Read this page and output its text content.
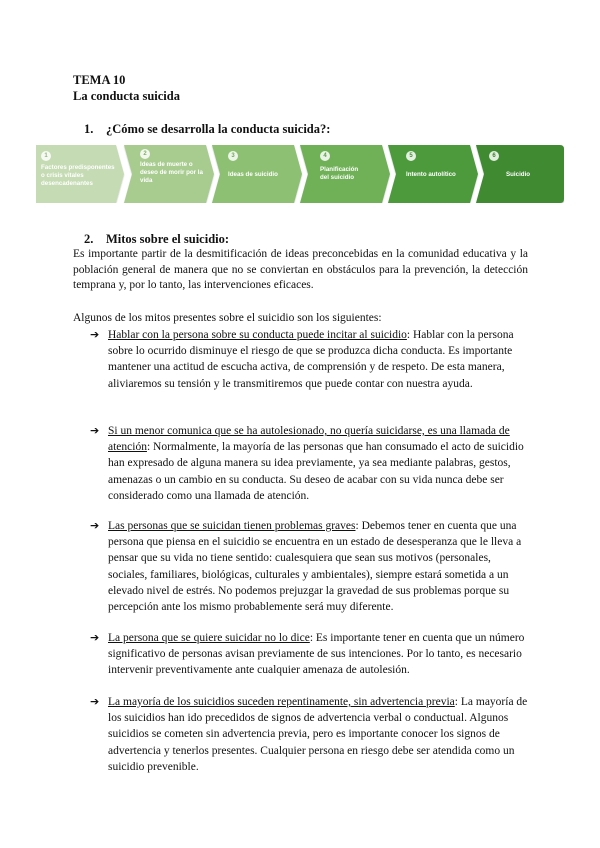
TEMA 10
La conducta suicida
1. ¿Cómo se desarrolla la conducta suicida?:
1
Factores predisponentes o crisis vitales desencadenantes
2
Ideas de muerte o deseo de morir por la vida
3
Ideas de suicidio
4
Planificación del suicidio
5
Intento autolítico
6
Suicidio
2. Mitos sobre el suicidio:
Es importante partir de la desmitificación de ideas preconcebidas en la comunidad educativa y la población general de manera que no se conviertan en obstáculos para la prevención, la detección temprana y, por lo tanto, las intervenciones eficaces.
Algunos de los mitos presentes sobre el suicidio son los siguientes:
➔ Hablar con la persona sobre su conducta puede incitar al suicidio: Hablar con la persona sobre lo ocurrido disminuye el riesgo de que se produzca dicha conducta. Es importante mantener una actitud de escucha activa, de comprensión y de respeto. De esta manera, aliviaremos su tensión y le transmitiremos que puede contar con nuestra ayuda.
➔ Si un menor comunica que se ha autolesionado, no quería suicidarse, es una llamada de atención: Normalmente, la mayoría de las personas que han consumado el acto de suicidio han expresado de alguna manera su idea previamente, ya sea mediante palabras, gestos, amenazas o un cambio en su conducta. Su deseo de acabar con su vida nunca debe ser considerado como una llamada de atención.
➔ Las personas que se suicidan tienen problemas graves: Debemos tener en cuenta que una persona que piensa en el suicidio se encuentra en un estado de desesperanza que le lleva a pensar que su vida no tiene sentido: cualesquiera que sean sus motivos (personales, sociales, familiares, biológicas, culturales y ambientales), siempre estará sometida a un elevado nivel de estrés. No podemos prejuzgar la gravedad de sus problemas porque su percepción ante los mismo probablemente será muy diferente.
➔ La persona que se quiere suicidar no lo dice: Es importante tener en cuenta que un número significativo de personas avisan previamente de sus intenciones. Por lo tanto, es necesario intervenir preventivamente ante cualquier amenaza de autolesión.
➔ La mayoría de los suicidios suceden repentinamente, sin advertencia previa: La mayoría de los suicidios han ido precedidos de signos de advertencia verbal o conductual. Algunos suicidios se cometen sin advertencia previa, pero es importante conocer los signos de advertencia y tenerlos presentes. Cualquier persona en riesgo debe ser atendida como un suicidio prevenible.
